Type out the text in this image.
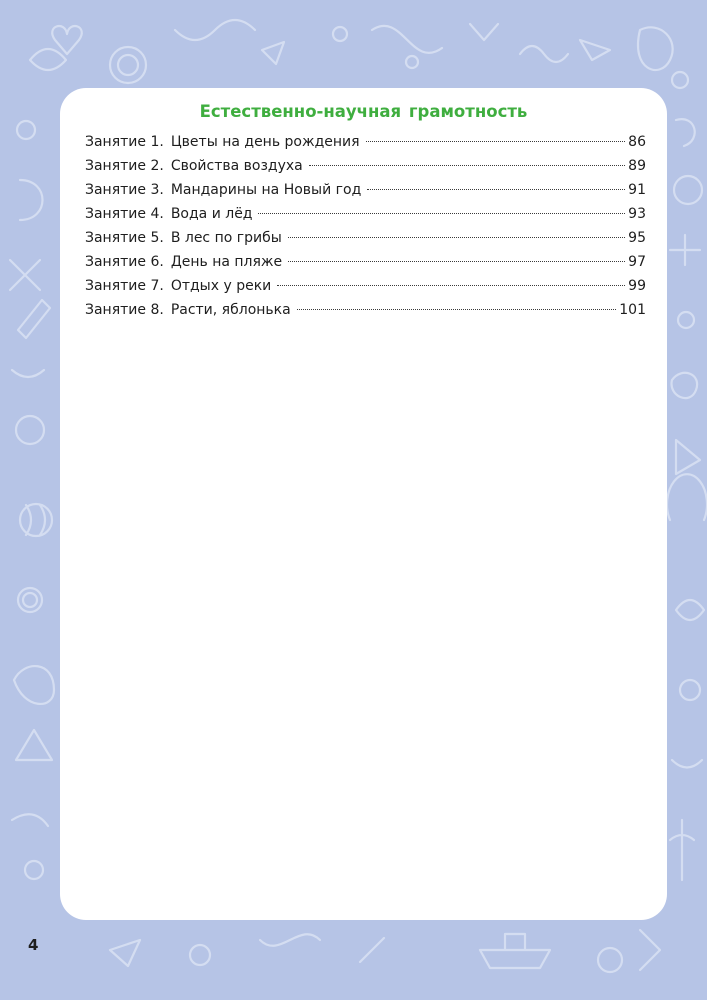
Естественно-научная грамотность
Занятие 1. Цветы на день рождения	86
Занятие 2. Свойства воздуха	89
Занятие 3. Мандарины на Новый год	91
Занятие 4. Вода и лёд	93
Занятие 5. В лес по грибы	95
Занятие 6. День на пляже	97
Занятие 7. Отдых у реки	99
Занятие 8. Расти, яблонька	101
4
